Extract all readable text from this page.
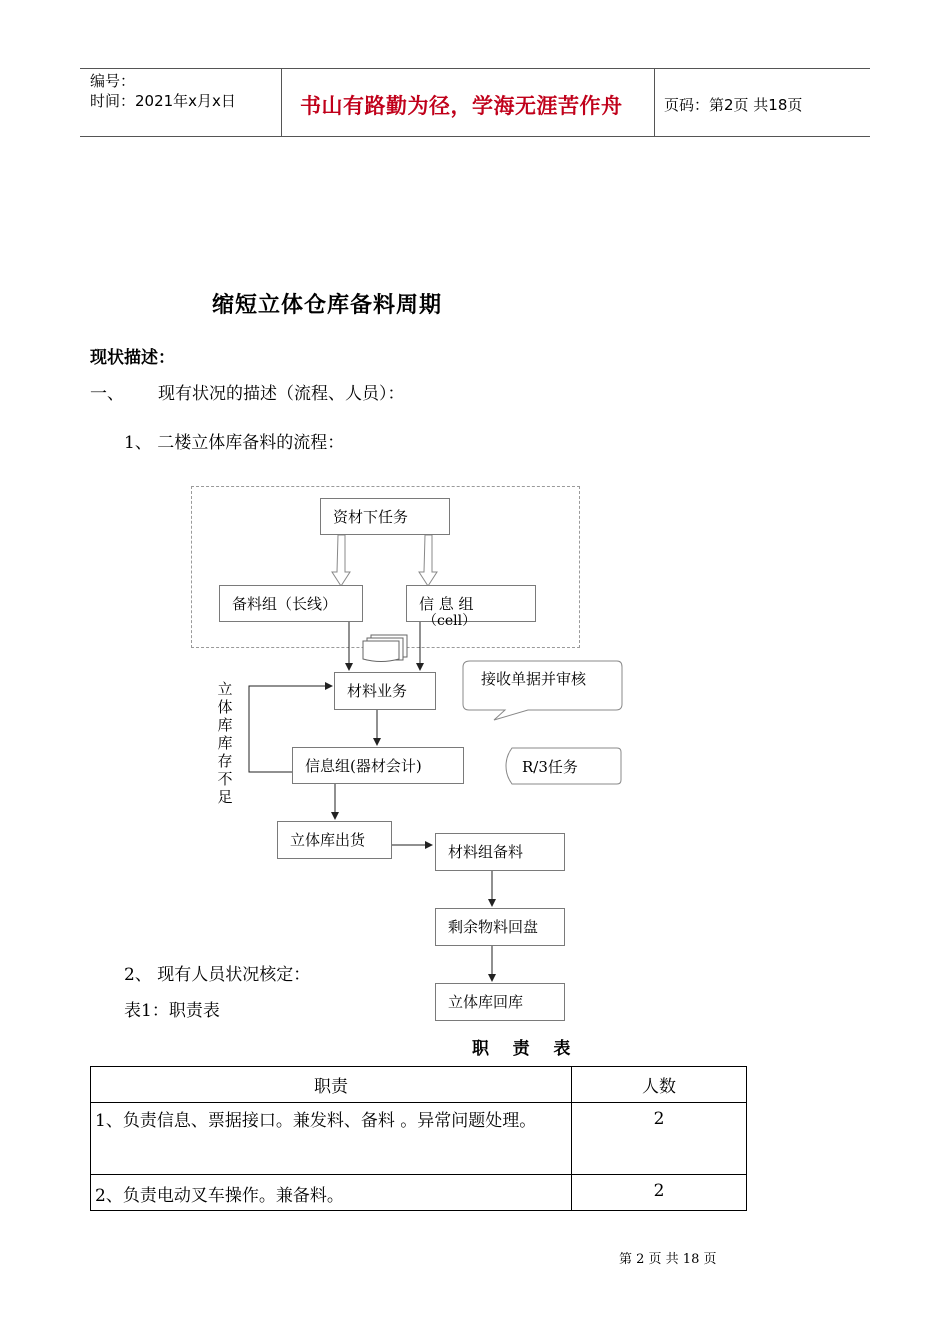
编号：
时间：2021年x月x日	书山有路勤为径，学海无涯苦作舟	页码：第2页 共18页
缩短立体仓库备料周期
现状描述：
一、 现有状况的描述（流程、人员）：
1、 二楼立体库备料的流程：
资材下任务
备料组（长线）	信 息 组
（cell）
材料业务
信息组(器材会计)
立体库出货
材料组备料
剩余物料回盘
立体库回库
接收单据并审核
R/3任务
立
体
库
库
存
不
足
2、 现有人员状况核定：
表1：职责表
职    责    表
职责	人数
1、负责信息、票据接口。兼发料、备料 。异常问题处理。	2
2、负责电动叉车操作。兼备料。	2
第 2 页 共 18 页
